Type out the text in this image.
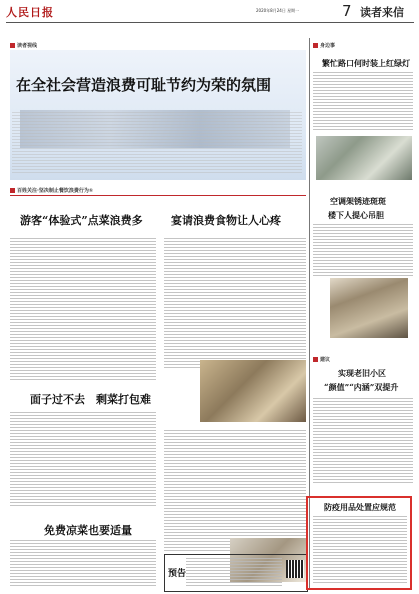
人民日报	2020年8月24日 星期一	7 读者来信
读者视线
在全社会营造浪费可耻节约为荣的氛围
百姓关注·坚决制止餐饮浪费行为①
游客“体验式”点菜浪费多	宴请浪费食物让人心疼
面子过不去　剩菜打包难
免费凉菜也要适量
预告
身边事
繁忙路口何时装上红绿灯
空调架锈迹斑斑
楼下人提心吊胆
建议
实现老旧小区
“颜值”“内涵”双提升
防疫用品处置应规范
